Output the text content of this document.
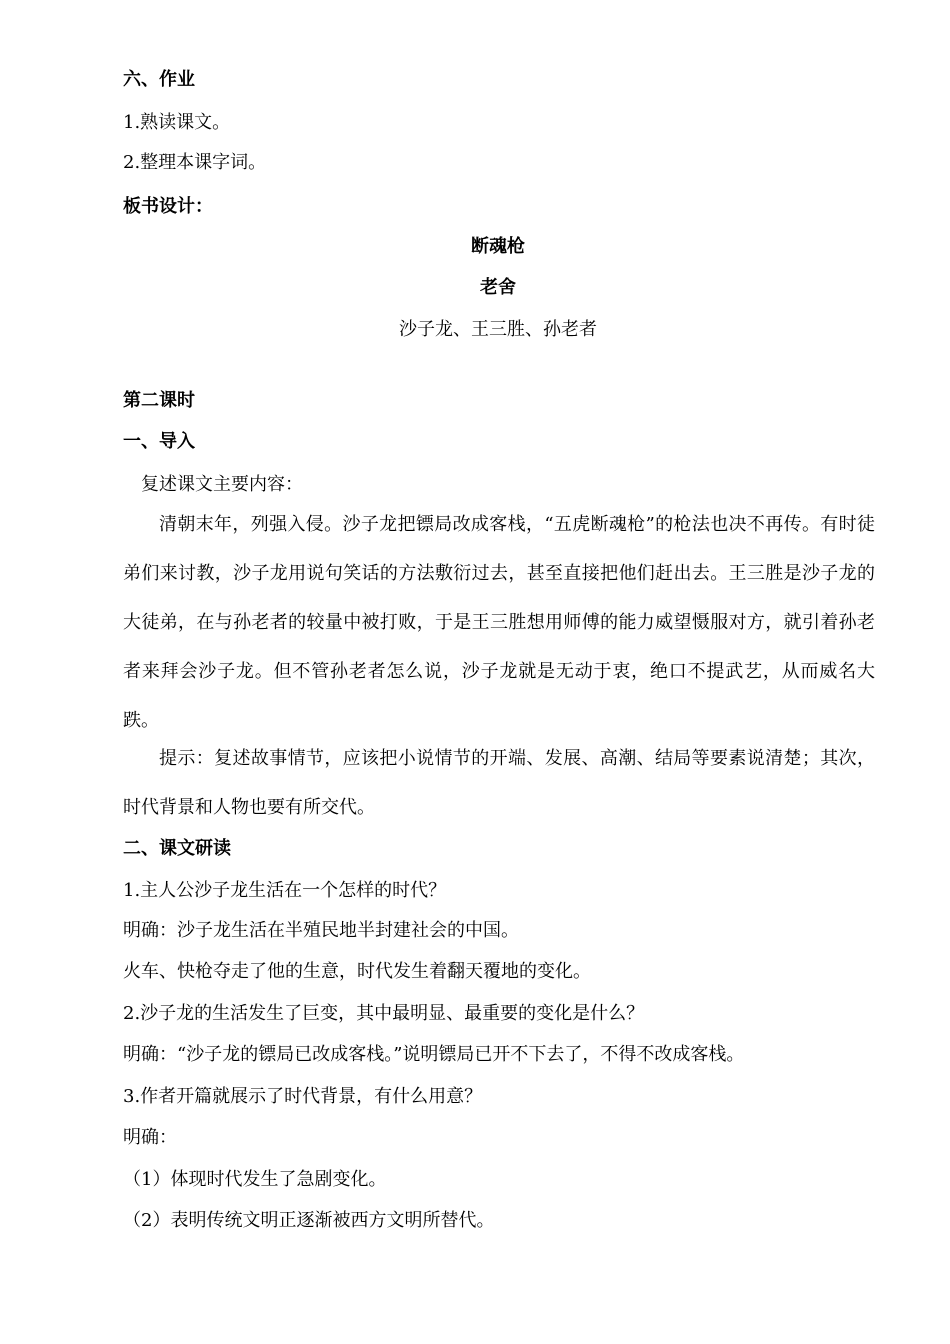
六、作业
1.熟读课文。
2.整理本课字词。
板书设计：
断魂枪
老舍
沙子龙、王三胜、孙老者
第二课时
一、导入
复述课文主要内容：
清朝末年，列强入侵。沙子龙把镖局改成客栈，“五虎断魂枪”的枪法也决不再传。有时徒弟们来讨教，沙子龙用说句笑话的方法敷衍过去，甚至直接把他们赶出去。王三胜是沙子龙的大徒弟，在与孙老者的较量中被打败，于是王三胜想用师傅的能力威望慑服对方，就引着孙老者来拜会沙子龙。但不管孙老者怎么说，沙子龙就是无动于衷，绝口不提武艺，从而威名大跌。
提示：复述故事情节，应该把小说情节的开端、发展、高潮、结局等要素说清楚；其次，时代背景和人物也要有所交代。
二、课文研读
1.主人公沙子龙生活在一个怎样的时代？
明确：沙子龙生活在半殖民地半封建社会的中国。
火车、快枪夺走了他的生意，时代发生着翻天覆地的变化。
2.沙子龙的生活发生了巨变，其中最明显、最重要的变化是什么？
明确：“沙子龙的镖局已改成客栈。”说明镖局已开不下去了，不得不改成客栈。
3.作者开篇就展示了时代背景，有什么用意？
明确：
（1）体现时代发生了急剧变化。
（2）表明传统文明正逐渐被西方文明所替代。
